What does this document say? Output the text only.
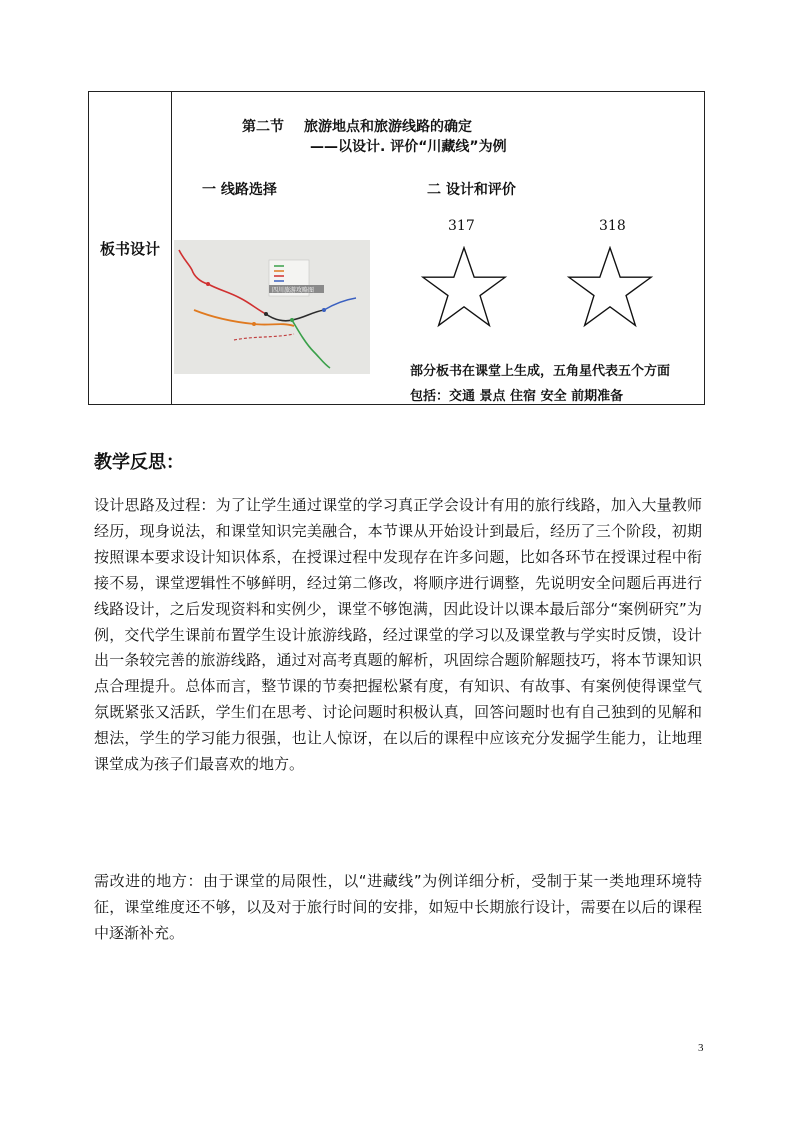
板书设计
第二节 旅游地点和旅游线路的确定
——以设计. 评价“川藏线”为例
一 线路选择	二 设计和评价
317	318
四川旅游攻略图
部分板书在课堂上生成，五角星代表五个方面
包括：交通 景点 住宿 安全 前期准备
教学反思：
设计思路及过程：为了让学生通过课堂的学习真正学会设计有用的旅行线路，加入大量教师经历，现身说法，和课堂知识完美融合，本节课从开始设计到最后，经历了三个阶段，初期按照课本要求设计知识体系，在授课过程中发现存在许多问题，比如各环节在授课过程中衔接不易，课堂逻辑性不够鲜明，经过第二修改，将顺序进行调整，先说明安全问题后再进行线路设计，之后发现资料和实例少，课堂不够饱满，因此设计以课本最后部分“案例研究”为例，交代学生课前布置学生设计旅游线路，经过课堂的学习以及课堂教与学实时反馈，设计出一条较完善的旅游线路，通过对高考真题的解析，巩固综合题阶解题技巧，将本节课知识点合理提升。总体而言，整节课的节奏把握松紧有度，有知识、有故事、有案例使得课堂气氛既紧张又活跃，学生们在思考、讨论问题时积极认真，回答问题时也有自己独到的见解和想法，学生的学习能力很强，也让人惊讶，在以后的课程中应该充分发掘学生能力，让地理课堂成为孩子们最喜欢的地方。
需改进的地方：由于课堂的局限性，以“进藏线”为例详细分析，受制于某一类地理环境特征，课堂维度还不够，以及对于旅行时间的安排，如短中长期旅行设计，需要在以后的课程中逐渐补充。
3
